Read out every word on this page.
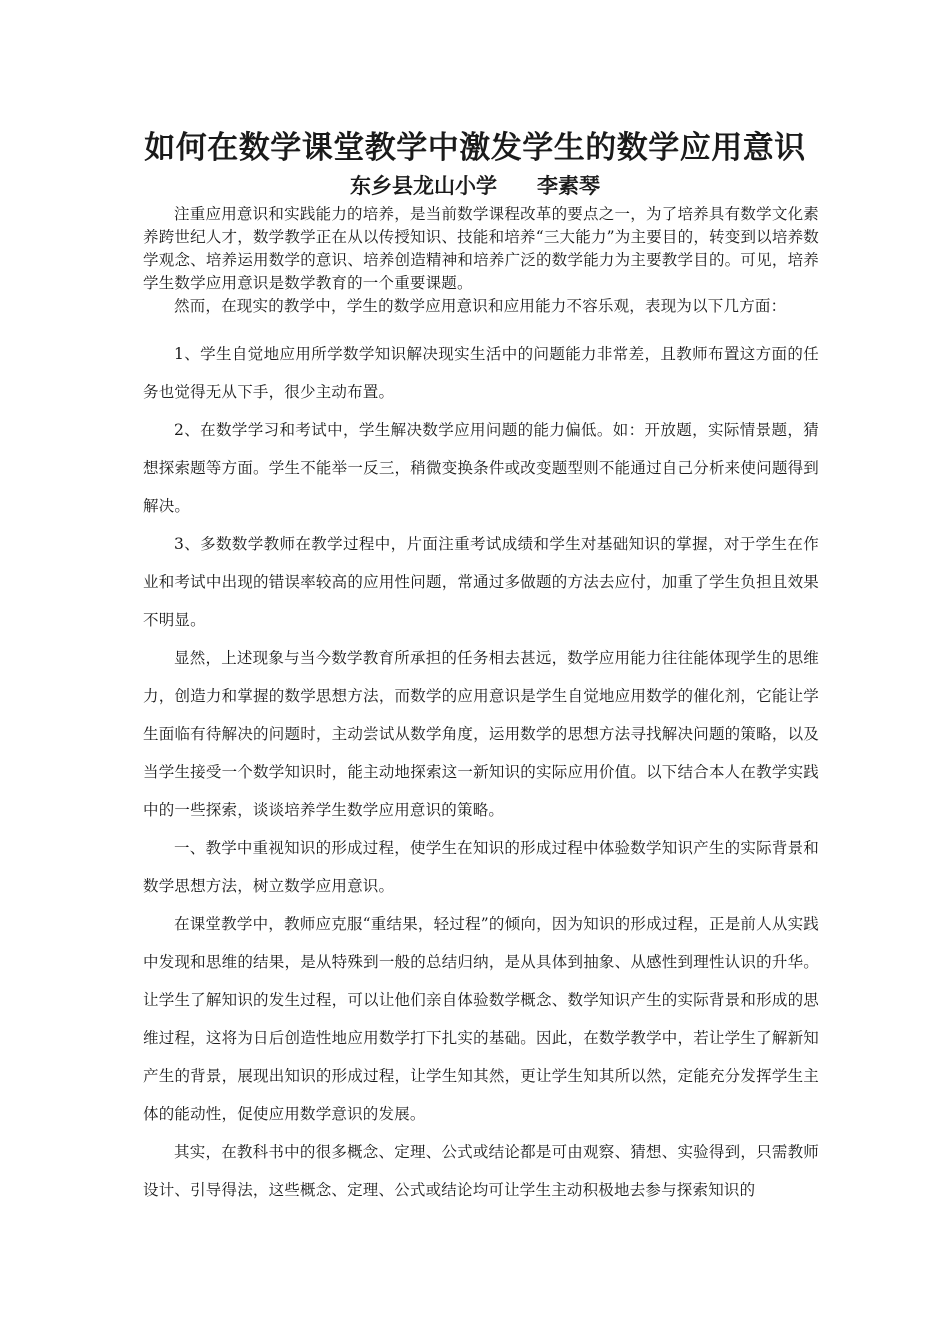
如何在数学课堂教学中激发学生的数学应用意识
东乡县龙山小学 李素琴

注重应用意识和实践能力的培养，是当前数学课程改革的要点之一，为了培养具有数学文化素养跨世纪人才，数学教学正在从以传授知识、技能和培养“三大能力”为主要目的，转变到以培养数学观念、培养运用数学的意识、培养创造精神和培养广泛的数学能力为主要教学目的。可见，培养学生数学应用意识是数学教育的一个重要课题。

然而，在现实的教学中，学生的数学应用意识和应用能力不容乐观，表现为以下几方面：

1、学生自觉地应用所学数学知识解决现实生活中的问题能力非常差，且教师布置这方面的任务也觉得无从下手，很少主动布置。

2、在数学学习和考试中，学生解决数学应用问题的能力偏低。如：开放题，实际情景题，猜想探索题等方面。学生不能举一反三，稍微变换条件或改变题型则不能通过自己分析来使问题得到解决。

3、多数数学教师在教学过程中，片面注重考试成绩和学生对基础知识的掌握，对于学生在作业和考试中出现的错误率较高的应用性问题，常通过多做题的方法去应付，加重了学生负担且效果不明显。

显然，上述现象与当今数学教育所承担的任务相去甚远，数学应用能力往往能体现学生的思维力，创造力和掌握的数学思想方法，而数学的应用意识是学生自觉地应用数学的催化剂，它能让学生面临有待解决的问题时，主动尝试从数学角度，运用数学的思想方法寻找解决问题的策略，以及当学生接受一个数学知识时，能主动地探索这一新知识的实际应用价值。以下结合本人在教学实践中的一些探索，谈谈培养学生数学应用意识的策略。

一、教学中重视知识的形成过程，使学生在知识的形成过程中体验数学知识产生的实际背景和数学思想方法，树立数学应用意识。

在课堂教学中，教师应克服“重结果，轻过程”的倾向，因为知识的形成过程，正是前人从实践中发现和思维的结果，是从特殊到一般的总结归纳，是从具体到抽象、从感性到理性认识的升华。让学生了解知识的发生过程，可以让他们亲自体验数学概念、数学知识产生的实际背景和形成的思维过程，这将为日后创造性地应用数学打下扎实的基础。因此，在数学教学中，若让学生了解新知产生的背景，展现出知识的形成过程，让学生知其然，更让学生知其所以然，定能充分发挥学生主体的能动性，促使应用数学意识的发展。

其实，在教科书中的很多概念、定理、公式或结论都是可由观察、猜想、实验得到，只需教师设计、引导得法，这些概念、定理、公式或结论均可让学生主动积极地去参与探索知识的
